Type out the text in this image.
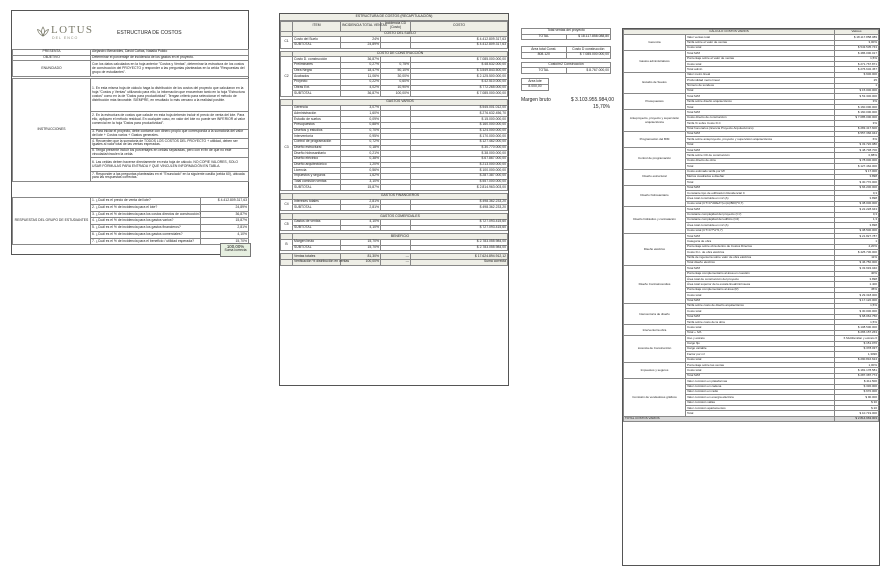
LOTUS
DEL ENCO
ESTRUCTURA DE COSTOS
PRESENTA	Alejandro Benavides, David Cañas, Natalia Pulido
OBJETIVO	Determinar el porcentaje de incidencia de los gastos en el proyecto.
ENUNCIADO	Con los datos calculados en la hoja anterior "Costos y Ventas", determinar la estructura de los costos de construcción del PROYECTO y responder a las preguntas planteadas en la celda "Respuestas del grupo de estudiantes".
INSTRUCCIONES	1. En esta misma hoja de cálculo haga la distribución de los costos del proyecto que calcularon en la hoja "Costos y Ventas" utilizando para ello, la información que encuentran tanto en la hoja "Estructura costos" como en la de "Datos para productividad". Tengan criterio para seleccionar el método de distribución más favorable. SIEMPRE, en resultado lo más cercano a la realidad posible.
2. En la estructura de costos que calcule en esta hoja deberán incluir el precio de venta del lote. Para ello, apliquen el método residual. En cualquier caso, en valor del lote no puede ser INFERIOR al valor comercial en la hoja "Datos para productividad".
3. Para iniciar el proyecto, debe contarse con dinero propio que corresponda a la sumatoria del valor del lote + Costos varios + Gastos generales.
4. Recuerden que la sumatoria de TODOS LOS COSTOS DEL PROYECTO + utilidad, deben ser iguales al valor total de las ventas esperadas.
5. Tenga presente incluir los porcentajes en celdas separadas, pero con el fin de que no esté vinculada/vinculen la celda.
6. Las celdas deben hacerse directamente en esta hoja de cálculo. NO COPIE VALORES, SOLO USAR FÓRMULAS PARA ENTRADA Y QUE VINCULEN INFORMACIÓN EN TABLA.
7. Responder a las preguntas planteadas en el "Enunciado" en la siguiente casilla (celda 60), ubicada para las respuestas correctas.
RESPUESTAS DEL GRUPO DE ESTUDIANTES	1. ¿Cuál es el precio de venta del lote?	$ 4.412.809.317,63
	2. ¿Cuál es el % de incidencia para el lote?	24,89%
	3. ¿Cuál es el % de incidencia para los costos directos de construcción?	36,87%
	4. ¿Cuál es el % de incidencia para los gastos varios?	15,87%
	5. ¿Cuál es el % de incidencia para los gastos financieros?	2,81%
	6. ¿Cuál es el % de incidencia para los gastos comerciales?	4,10%
	7. ¿Cuál es el % de incidencia para el beneficio / utilidad esperada?	15,70%
100,00%
Suma correcta
ESTRUCTURA DE COSTOS (RECAPITULACIÓN)
	ITEM	INCIDENCIA TOTAL VENTAS	Incidencia CD (Costo)	COSTO
	COSTO DEL SUELO			
C1	Costo del Suelo	24%		$ 4.412.809.317,63
	SUBTOTAL	24,89%		$ 4.412.809.317,63

	COSTO DE CONSTRUCCIÓN			
C2	Costo D. construcción	36,87%		$ 7.085.000.000,00
	Preliminares	0,27%	0,75%	$ 48.632.000,00
	Obra Negra	18,47%	50,10%	$ 3.549.843.500,00
	Acabados	11,06%	30,00%	$ 2.125.500.000,00
	Proyecto	0,22%	0,60%	$ 42.510.000,00
	Obras Ext.	4,02%	10,90%	$ 772.265.000,00
	SUBTOTAL	36,87%	100,00%	$ 7.085.000.000,00

	GASTOS VARIOS			
C3	Gerencia	3,07%		$ 545.001.012,00
	Administración	1,60%		$ 276.632.456,70
	Estudio de suelos	0,09%		$ 15.000.000,00
	Presupuestos	0,88%		$ 160.000.000,00
	Diseños y estudios	0,70%		$ 124.000.000,00
	Interventoría	0,95%		$ 170.000.000,00
	Control de programación	0,72%		$ 127.462.000,00
	Diseño estructural	0,18%		$ 30.770.000,00
	Diseño hidrosanitario	0,21%		$ 38.000.000,00
	Diseño eléctrico	0,38%		$ 67.867.000,00
	Diseño arquitectónico	1,20%		$ 213.000.000,00
	Licencia	0,56%		$ 100.000.000,00
	Impuestos y seguros	1,62%		$ 287.387.000,00
	Total comisión ventas	3,10%		$ 557.000.000,00
	SUBTOTAL	15,87%		$ 2.814.963.003,00

	GASTOS FINANCIEROS			
C4	Intereses totales	2,81%		$ 498.362.233,20
	SUBTOTAL	2,81%		$ 498.362.233,20

	GASTOS COMERCIALES			
C5	Gastos de ventas	4,10%		$ 727.093.415,60
	SUBTOTAL	4,10%		$ 727.093.415,60

	BENEFICIO			
B	Margen bruto	15,70%		$ 2.783.055.984,00
	SUBTOTAL	15,70%		$ 2.783.055.984,00

	Ventas totales	81,30%	---	$ 17.624.894.912,12
	Verificación % distribución en ventas	100,00%	---	Suma correcta
Total ventas del proyecto
TOTAL	$ 18.117.858.088,80
Área total Const.	Costo D construcción
808.120	$ 7.085.000.000,00
Costo/m2 Construcción
TOTAL	$ 8.767.000,00
Área lote
8.000,00
Margen bruto	$ 3.103.955.984,00
15,70%
CÁLCULO COSTOS VARIOS		Valores
Gerencia	Valor ventas total	$ 18.117.858.089
	Tarifa sobre el valor de ventas	3,00%
	Costo total	$ 543.535.743
Gastos administrativos	Total M/M	$ 486.000.017
	Porcentaje sobre el valor de ventas	1,5%
	Costo total	$ 271.767.871
	Total admin	$ 276.632.457
Estudio de Suelos	Valor metro lineal	$ 600.000
	Profundidad metro lineal	25
	Número de sondeos	1
	Total	$ 15.000.000
Presupuestos	Total M/M	$ 53.300.000
	Tarifa sobre diseño arquitectónico	3%
	Total	$ 160.000.000
Anteproyecto, proyecto y supervisión arquitectónica	Total M/M	$ 160.000.000
	Costo directo de construcción	$ 7.085.000.000
	Tarifa % sobre Costo D.C	3%
	Total honorarios (licencia Proyecto Arquitectónico)	$ 283.417.600
Programación del BIM	Total M/M	$ 557.366.044
	Tarifa sobre anteproyecto, proyecto y supervisión arquitectónica	6%
	Total	$ 33.720.080
Control de programación	Total M/M	$ 48.738.700
	Tarifa sobre CD de construcción	0,88%
	Costo directo de obra	$ 78.000.000
	Total	$ 127.462.000
Diseño estructural	Costo estimado tarifa por M²	$ 17.000
	Metros cuadrados a diseñar	3.898
	Total	$ 30.770.000
Diseño hidrosanitario	Total M/M	$ 66.200.000
	Constante tipo de edificación Residencial C	0,3
	Área total construida en m2 (A)	3.898
	Costo total (CT=C*AREA*(Ln(A)/800)^0,7)	$ 38.000.000
Diseño hidráulico y contratación	Total M/M	$ 22.228.943
	Constante complejidad del proyecto (C.f)	0,3
	Constante complejidad del edificio (C2)	1,3
	Área total construida en m2 (A)	3.898
	Costo total (CT=CT*A^0,7)	$ 38.500.000
Diseño eléctrico	Total M/M	$ 21.827.787
	Categoría de obra	1
	Porcentaje sobre obra dentro de Costos Directos	4,20%
	Costo D.n. de obra eléctrica	$ 425.730.000
	Tarifa de ingeniería sobre valor de obra eléctrica	11%
	Total diseño eléctrico	$ 46.750.000
Diseño Contraincendios	Total M/M	$ 33.693.040
	Porcentaje complementario al área en cuestión	40%
	Área total de construcción del proyecto	3.898
	Área total superior de la escala lineal/intrínseca	1.400
	Porcentaje complementario al área (R)	45%
	Costo total	$ 29.318.000
	Total M/M	$ 17.120.000
Interventoría de diseño	Tarifa sobre costo de diseño arquitectónico	1,5%
	Costo total	$ 30.000.000
	Total M/M	$ 68.062.750
	Tarifa sobre costo de la obra	1,5%
Interventoría obra	Costo total	$ 108.500.000
	Total + IVA	$ 265.157.263
Licencia de Construcción	Uso y estrato	6 Multifamiliar y estrato 6
	Cargo fijo	$ 151.076
	Cargo variable	$ 378.037
	Factor por m²	1,3096
	Costo total	$ 290.816.624
Impuestos y seguros	Porcentaje sobre las ventas	1,00%
	Costo total	$ 181.178.581
	Total M/M	$ 287.387.774
Comisión de vendedores gráficos	Valor comisión en plataformas	$ 411.500
	Valor comisión en cadena	$ 330.000
	Valor comisión en radio	$ 670.000
	Valor comisión en energía eléctrica	$ 90.000
	Valor comisión vallas	$ 30
	Valor comisión apartamentos	$ 20
	Total	$ 10.719.000
TOTAL COSTOS VARIOS		$ 2.814.963.003
